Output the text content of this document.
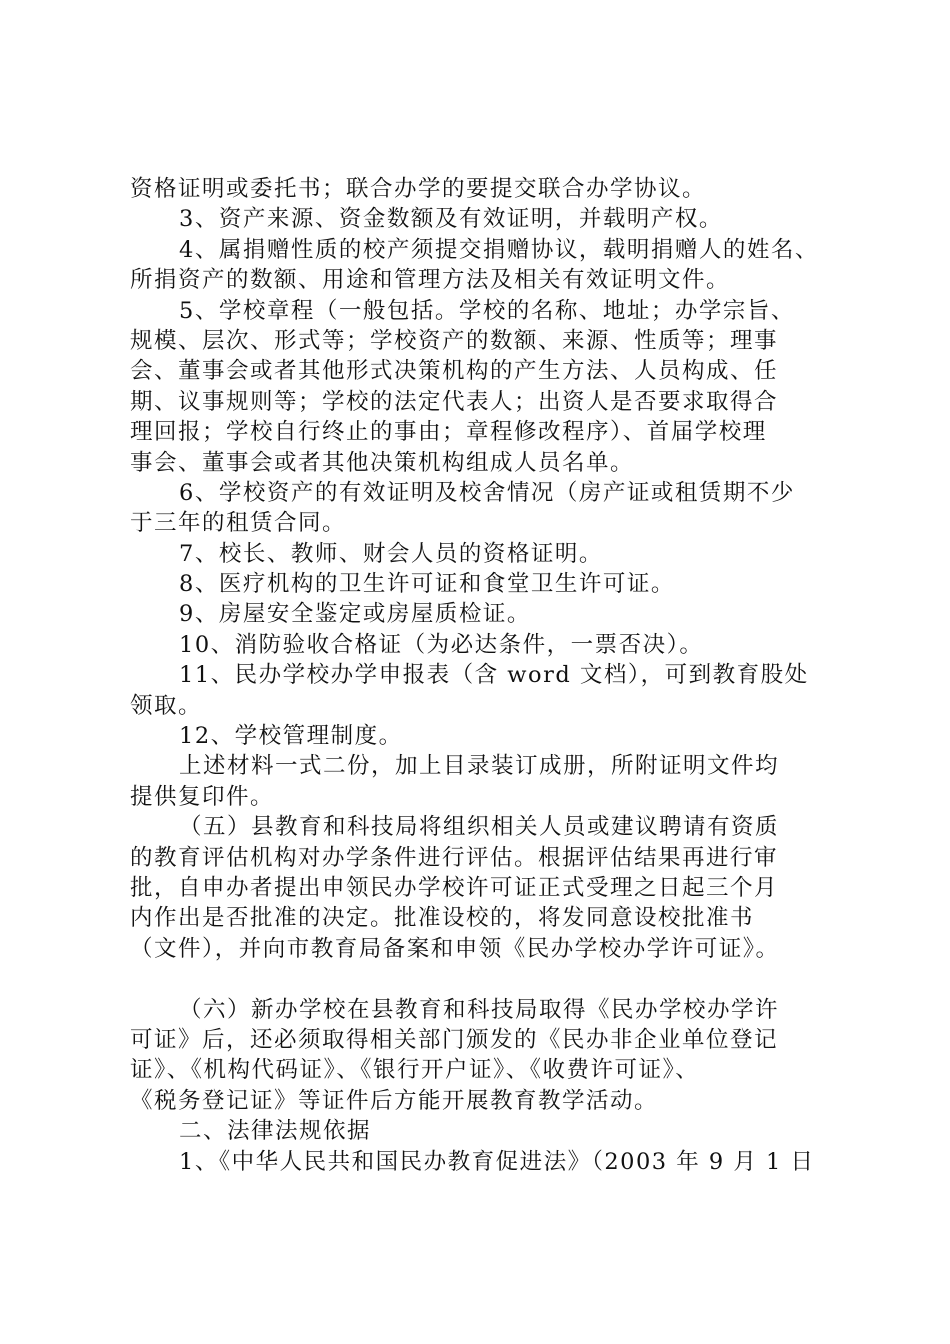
资格证明或委托书；联合办学的要提交联合办学协议。
3、资产来源、资金数额及有效证明，并载明产权。
4、属捐赠性质的校产须提交捐赠协议，载明捐赠人的姓名、
所捐资产的数额、用途和管理方法及相关有效证明文件。
5、学校章程（一般包括。学校的名称、地址；办学宗旨、
规模、层次、形式等；学校资产的数额、来源、性质等；理事
会、董事会或者其他形式决策机构的产生方法、人员构成、任
期、议事规则等；学校的法定代表人；出资人是否要求取得合
理回报；学校自行终止的事由；章程修改程序）、首届学校理
事会、董事会或者其他决策机构组成人员名单。
6、学校资产的有效证明及校舍情况（房产证或租赁期不少
于三年的租赁合同。
7、校长、教师、财会人员的资格证明。
8、医疗机构的卫生许可证和食堂卫生许可证。
9、房屋安全鉴定或房屋质检证。
10、消防验收合格证（为必达条件，一票否决）。
11、民办学校办学申报表（含 word 文档），可到教育股处
领取。
12、学校管理制度。
上述材料一式二份，加上目录装订成册，所附证明文件均
提供复印件。
（五）县教育和科技局将组织相关人员或建议聘请有资质
的教育评估机构对办学条件进行评估。根据评估结果再进行审
批，自申办者提出申领民办学校许可证正式受理之日起三个月
内作出是否批准的决定。批准设校的，将发同意设校批准书
（文件），并向市教育局备案和申领《民办学校办学许可证》。
（六）新办学校在县教育和科技局取得《民办学校办学许
可证》后，还必须取得相关部门颁发的《民办非企业单位登记
证》、《机构代码证》、《银行开户证》、《收费许可证》、
《税务登记证》等证件后方能开展教育教学活动。
二、法律法规依据
1、《中华人民共和国民办教育促进法》（2003 年 9 月 1 日
